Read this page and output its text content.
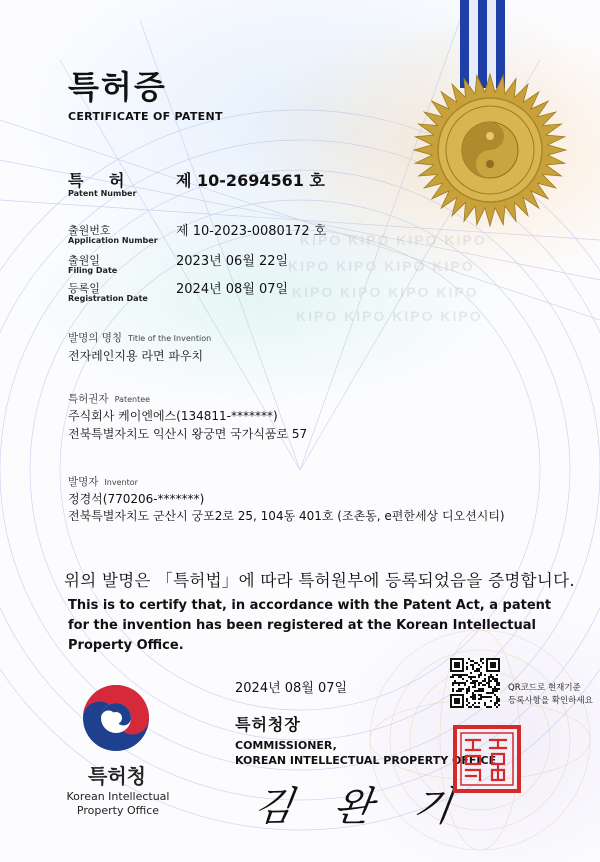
특허증
CERTIFICATE OF PATENT
특 허
Patent Number
제 10-2694561 호
출원번호
Application Number
제 10-2023-0080172 호
출원일
Filing Date
2023년 06월 22일
등록일
Registration Date
2024년 08월 07일
KIPO KIPO KIPO KIPO
KIPO KIPO KIPO KIPO
KIPO KIPO KIPO KIPO
KIPO KIPO KIPO KIPO
발명의 명칭 Title of the Invention
전자레인지용 라면 파우치
특허권자 Patentee
주식회사 케이엔에스(134811-*******)
전북특별자치도 익산시 왕궁면 국가식품로 57
발명자 Inventor
정경석(770206-*******)
전북특별자치도 군산시 궁포2로 25, 104동 401호 (조촌동, e편한세상 디오션시티)
위의 발명은 「특허법」에 따라 특허원부에 등록되었음을 증명합니다.
This is to certify that, in accordance with the Patent Act, a patent for the invention has been registered at the Korean Intellectual Property Office.
2024년 08월 07일
특허청장
COMMISSIONER,
KOREAN INTELLECTUAL PROPERTY OFFICE
김 완 기
QR코드로 현재기준
등록사항을 확인하세요
특허청
Korean Intellectual
Property Office
